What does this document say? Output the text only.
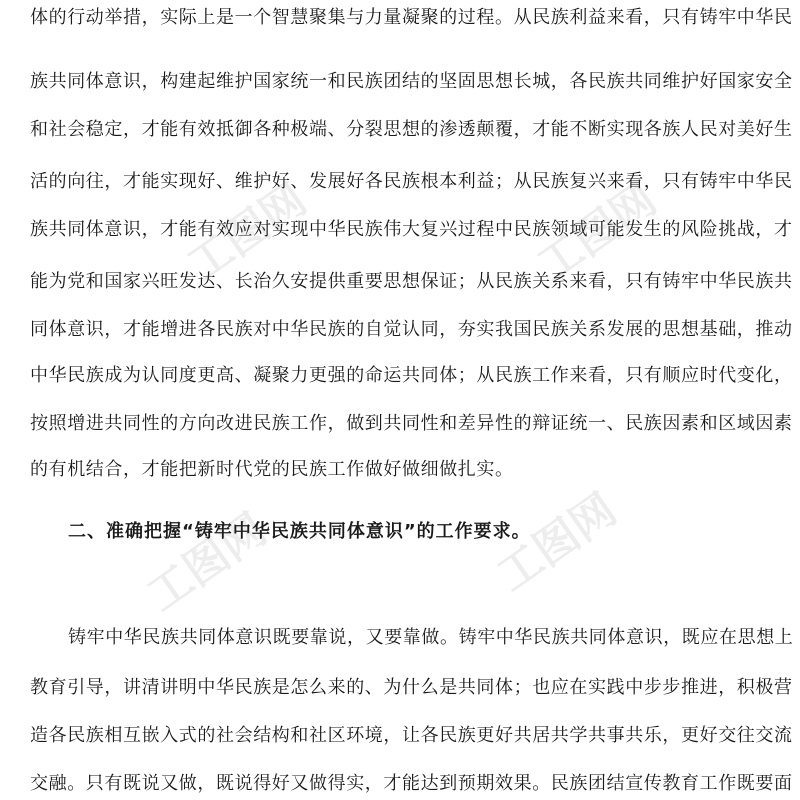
体的行动举措，实际上是一个智慧聚集与力量凝聚的过程。从民族利益来看，只有铸牢中华民
族共同体意识，构建起维护国家统一和民族团结的坚固思想长城，各民族共同维护好国家安全
和社会稳定，才能有效抵御各种极端、分裂思想的渗透颠覆，才能不断实现各族人民对美好生
活的向往，才能实现好、维护好、发展好各民族根本利益；从民族复兴来看，只有铸牢中华民
族共同体意识，才能有效应对实现中华民族伟大复兴过程中民族领域可能发生的风险挑战，才
能为党和国家兴旺发达、长治久安提供重要思想保证；从民族关系来看，只有铸牢中华民族共
同体意识，才能增进各民族对中华民族的自觉认同，夯实我国民族关系发展的思想基础，推动
中华民族成为认同度更高、凝聚力更强的命运共同体；从民族工作来看，只有顺应时代变化，
按照增进共同性的方向改进民族工作，做到共同性和差异性的辩证统一、民族因素和区域因素
的有机结合，才能把新时代党的民族工作做好做细做扎实。
二、准确把握“铸牢中华民族共同体意识”的工作要求。
铸牢中华民族共同体意识既要靠说，又要靠做。铸牢中华民族共同体意识，既应在思想上
教育引导，讲清讲明中华民族是怎么来的、为什么是共同体；也应在实践中步步推进，积极营
造各民族相互嵌入式的社会结构和社区环境，让各民族更好共居共学共事共乐，更好交往交流
交融。只有既说又做，既说得好又做得实，才能达到预期效果。民族团结宣传教育工作既要面
工图网	工图网
工图网	工图网
